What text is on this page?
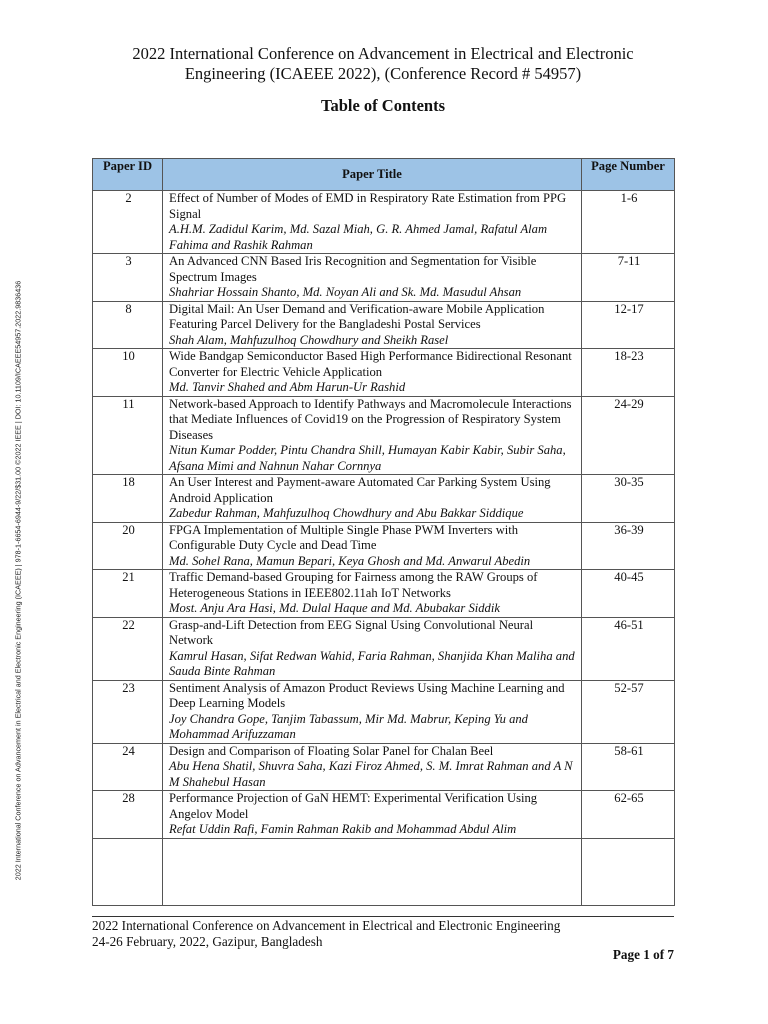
2022 International Conference on Advancement in Electrical and Electronic Engineering (ICAEEE) | 978-1-6654-6944-9/22/$31.00 ©2022 IEEE | DOI: 10.1109/ICAEEE54957.2022.9836436
2022 International Conference on Advancement in Electrical and Electronic
Engineering (ICAEEE 2022), (Conference Record # 54957)
Table of Contents
Paper ID	Paper Title	Page Number
2	Effect of Number of Modes of EMD in Respiratory Rate Estimation from PPG Signal
A.H.M. Zadidul Karim, Md. Sazal Miah, G. R. Ahmed Jamal, Rafatul Alam Fahima and Rashik Rahman	1-6
3	An Advanced CNN Based Iris Recognition and Segmentation for Visible Spectrum Images
Shahriar Hossain Shanto, Md. Noyan Ali and Sk. Md. Masudul Ahsan	7-11
8	Digital Mail: An User Demand and Verification-aware Mobile Application Featuring Parcel Delivery for the Bangladeshi Postal Services
Shah Alam, Mahfuzulhoq Chowdhury and Sheikh Rasel	12-17
10	Wide Bandgap Semiconductor Based High Performance Bidirectional Resonant Converter for Electric Vehicle Application
Md. Tanvir Shahed and Abm Harun-Ur Rashid	18-23
11	Network-based Approach to Identify Pathways and Macromolecule Interactions that Mediate Influences of Covid19 on the Progression of Respiratory System Diseases
Nitun Kumar Podder, Pintu Chandra Shill, Humayan Kabir Kabir, Subir Saha, Afsana Mimi and Nahnun Nahar Cornnya	24-29
18	An User Interest and Payment-aware Automated Car Parking System Using Android Application
Zabedur Rahman, Mahfuzulhoq Chowdhury and Abu Bakkar Siddique	30-35
20	FPGA Implementation of Multiple Single Phase PWM Inverters with Configurable Duty Cycle and Dead Time
Md. Sohel Rana, Mamun Bepari, Keya Ghosh and Md. Anwarul Abedin	36-39
21	Traffic Demand-based Grouping for Fairness among the RAW Groups of Heterogeneous Stations in IEEE802.11ah IoT Networks
Most. Anju Ara Hasi, Md. Dulal Haque and Md. Abubakar Siddik	40-45
22	Grasp-and-Lift Detection from EEG Signal Using Convolutional Neural Network
Kamrul Hasan, Sifat Redwan Wahid, Faria Rahman, Shanjida Khan Maliha and Sauda Binte Rahman	46-51
23	Sentiment Analysis of Amazon Product Reviews Using Machine Learning and Deep Learning Models
Joy Chandra Gope, Tanjim Tabassum, Mir Md. Mabrur, Keping Yu and Mohammad Arifuzzaman	52-57
24	Design and Comparison of Floating Solar Panel for Chalan Beel
Abu Hena Shatil, Shuvra Saha, Kazi Firoz Ahmed, S. M. Imrat Rahman and A N M Shahebul Hasan	58-61
28	Performance Projection of GaN HEMT: Experimental Verification Using Angelov Model
Refat Uddin Rafi, Famin Rahman Rakib and Mohammad Abdul Alim	62-65

2022 International Conference on Advancement in Electrical and Electronic Engineering
24-26 February, 2022, Gazipur, Bangladesh
Page 1 of 7
